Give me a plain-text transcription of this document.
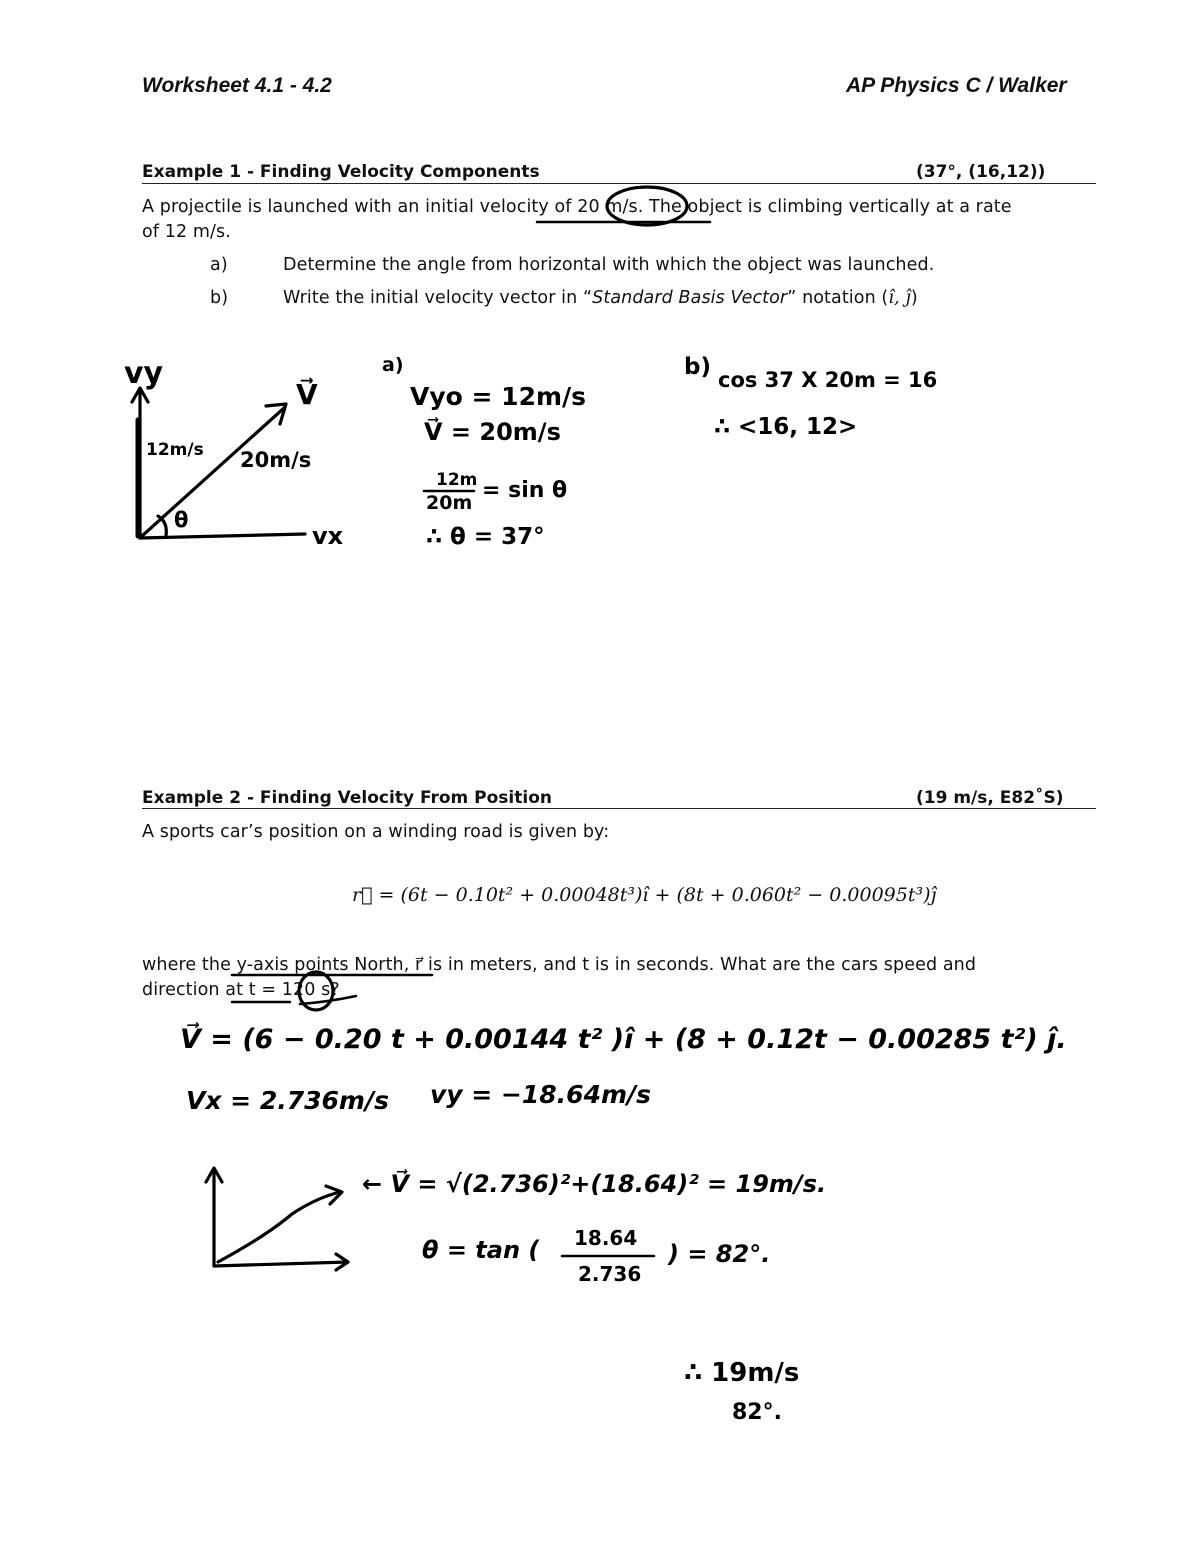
Worksheet 4.1 - 4.2	AP Physics C / Walker
Example 1 - Finding Velocity Components	(37°, (16,12))
A projectile is launched with an initial velocity of 20 m/s. The object is climbing vertically at a rate
of 12 m/s.
a)	Determine the angle from horizontal with which the object was launched.
b)	Write the initial velocity vector in “Standard Basis Vector” notation (î, ĵ)
Example 2 - Finding Velocity From Position	(19 m/s, E82˚S)
A sports car’s position on a winding road is given by:
r⃗ = (6t − 0.10t² + 0.00048t³)î + (8t + 0.060t² − 0.00095t³)ĵ
where the y-axis points North, r⃗ is in meters, and t is in seconds. What are the cars speed and
direction at t = 120 s?
vy
V⃗
12m/s 20m/s
θ
vx
a)
Vyo = 12m/s
V⃗ = 20m/s
12m
20m = sin θ
∴ θ = 37°
b) cos 37 X 20m = 16
∴ <16, 12>
V⃗ = (6 − 0.20 t + 0.00144 t² )î + (8 + 0.12t − 0.00285 t²) ĵ.
Vx = 2.736m/s vy = −18.64m/s
← V⃗ = √(2.736)²+(18.64)² = 19m/s.
θ = tan ( 18.64
2.736
) = 82°.
∴ 19m/s
82°.
